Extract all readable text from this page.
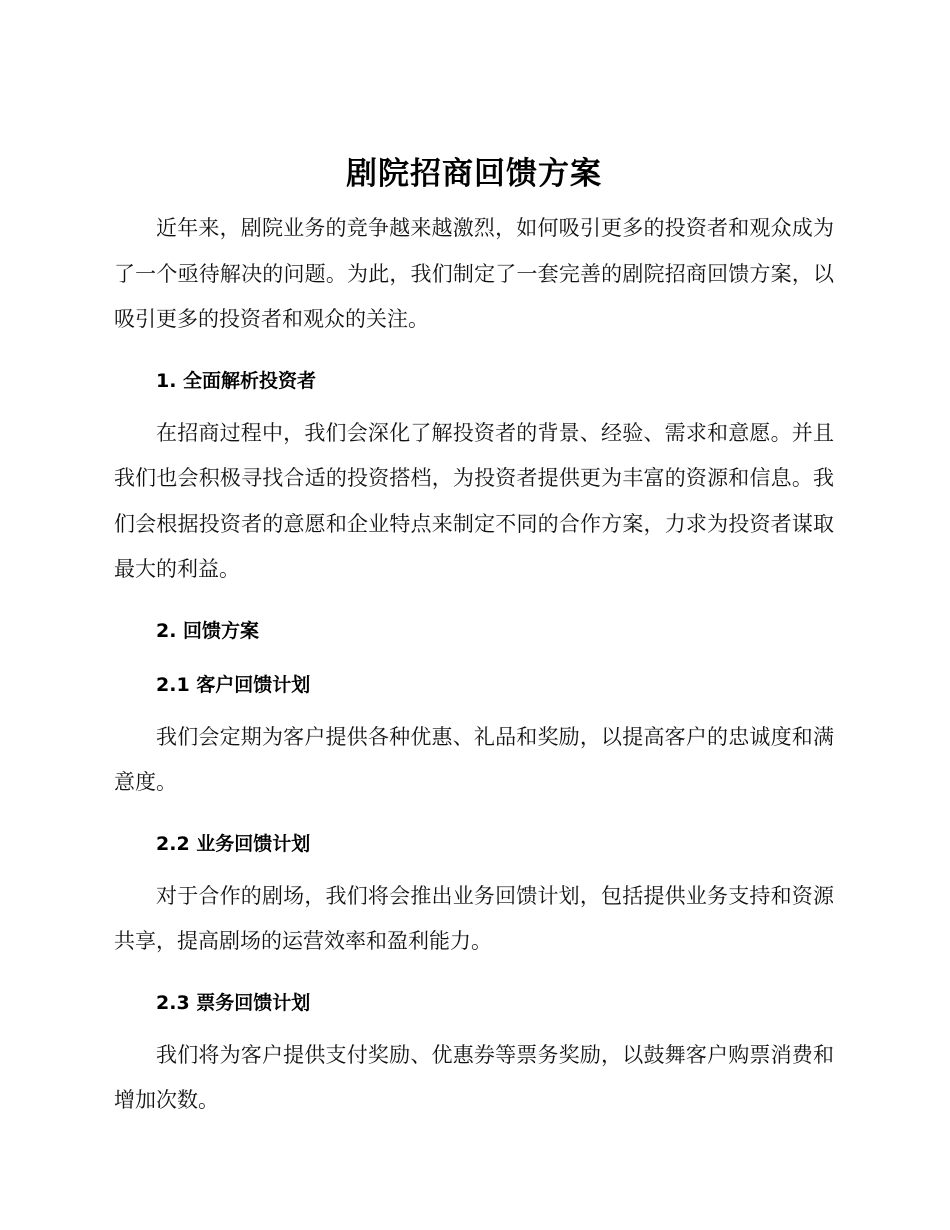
剧院招商回馈方案

近年来，剧院业务的竞争越来越激烈，如何吸引更多的投资者和观众成为了一个亟待解决的问题。为此，我们制定了一套完善的剧院招商回馈方案，以吸引更多的投资者和观众的关注。

1. 全面解析投资者

在招商过程中，我们会深化了解投资者的背景、经验、需求和意愿。并且我们也会积极寻找合适的投资搭档，为投资者提供更为丰富的资源和信息。我们会根据投资者的意愿和企业特点来制定不同的合作方案，力求为投资者谋取最大的利益。

2. 回馈方案
2.1 客户回馈计划

我们会定期为客户提供各种优惠、礼品和奖励，以提高客户的忠诚度和满意度。

2.2 业务回馈计划

对于合作的剧场，我们将会推出业务回馈计划，包括提供业务支持和资源共享，提高剧场的运营效率和盈利能力。

2.3 票务回馈计划

我们将为客户提供支付奖励、优惠券等票务奖励，以鼓舞客户购票消费和增加次数。
